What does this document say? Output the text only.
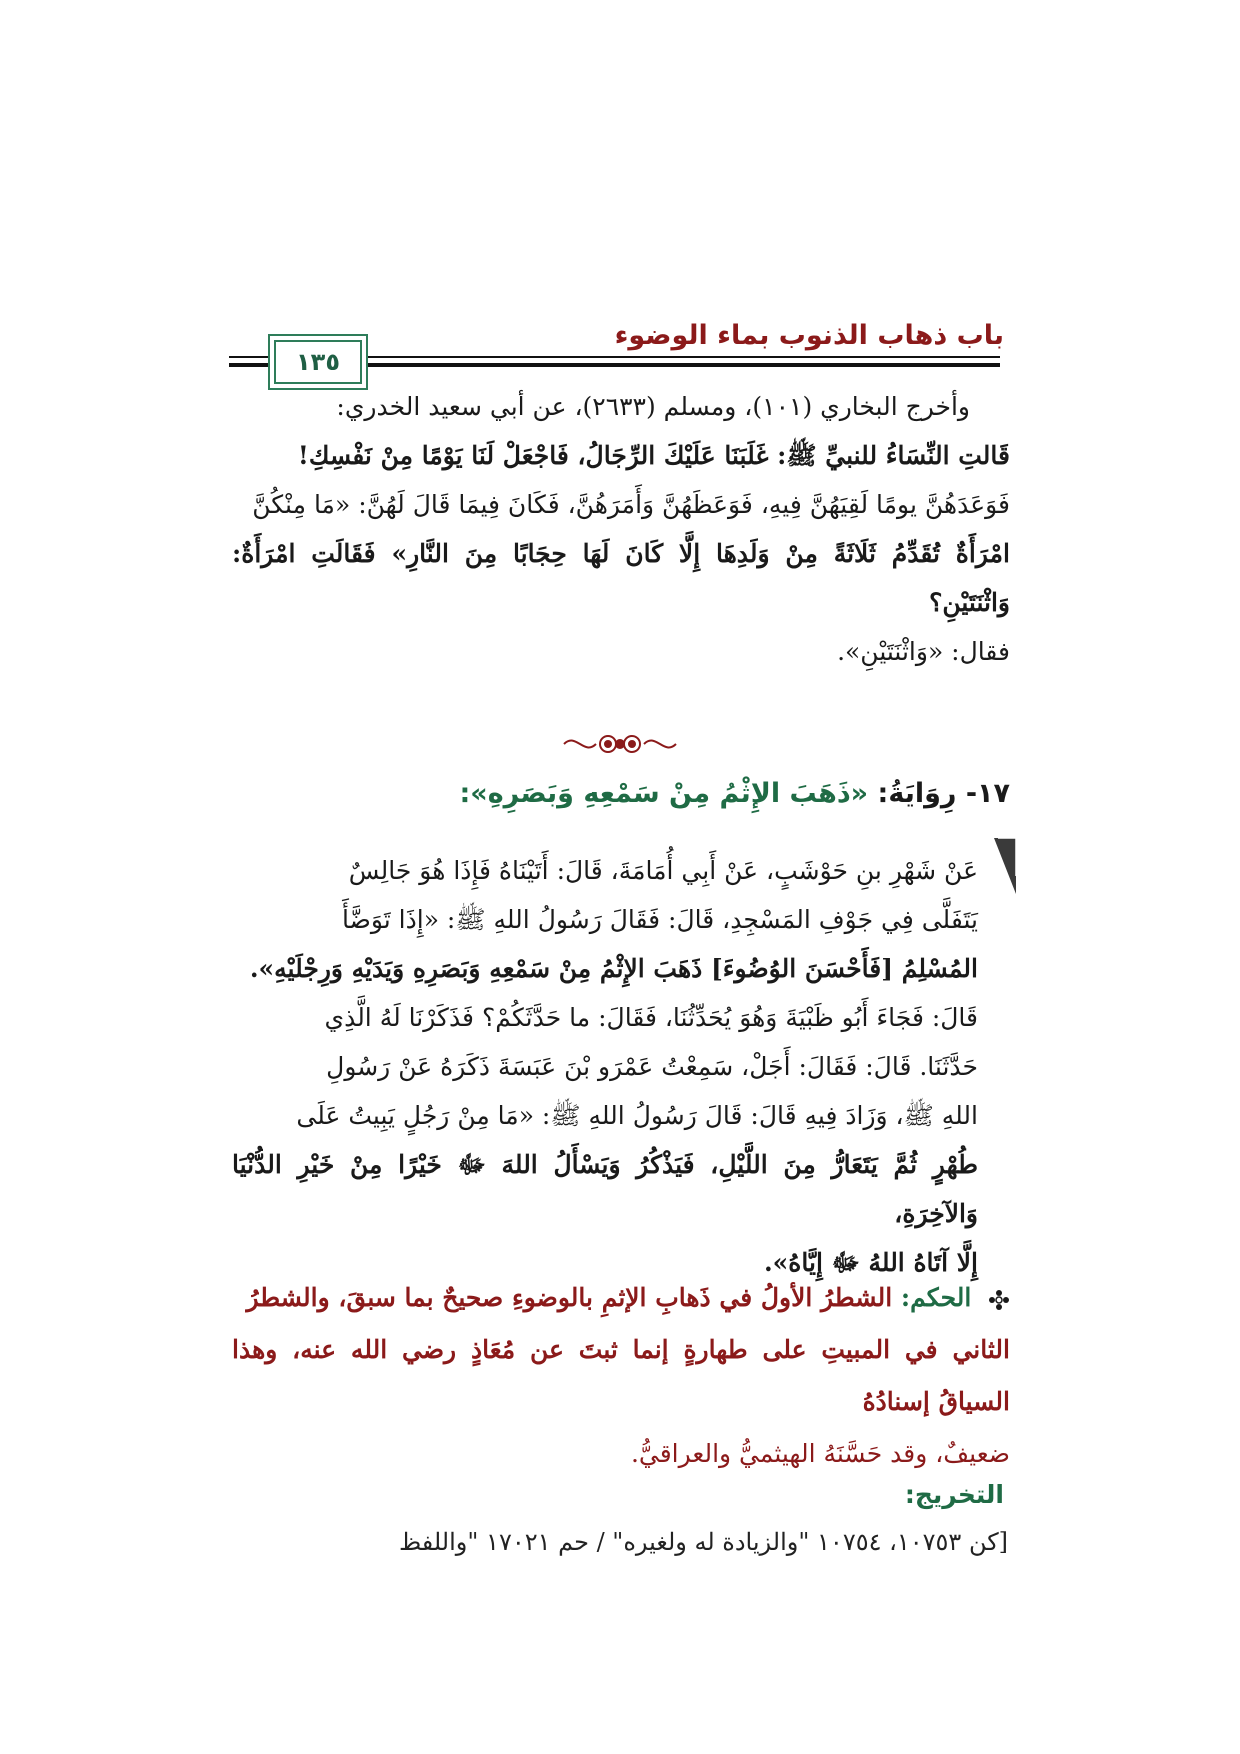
باب ذهاب الذنوب بماء الوضوء
١٣٥

وأخرج البخاري (١٠١)، ومسلم (٢٦٣٣)، عن أبي سعيد الخدري:

قَالتِ النِّسَاءُ للنبيِّ ﷺ: غَلَبَنَا عَلَيْكَ الرِّجَالُ، فَاجْعَلْ لَنَا يَوْمًا مِنْ نَفْسِكِ!

فَوَعَدَهُنَّ يومًا لَقِيَهُنَّ فِيهِ، فَوَعَظَهُنَّ وَأَمَرَهُنَّ، فَكَانَ فِيمَا قَالَ لَهُنَّ: «مَا مِنْكُنَّ

امْرَأَةٌ تُقَدِّمُ ثَلَاثَةً مِنْ وَلَدِهَا إِلَّا كَانَ لَهَا حِجَابًا مِنَ النَّارِ» فَقَالَتِ امْرَأَةٌ: وَاثْنَتَيْنِ؟

فقال: «وَاثْنَتَيْنِ».

١٧- رِوَايَةُ: «ذَهَبَ الإِثْمُ مِنْ سَمْعِهِ وَبَصَرِهِ»:

عَنْ شَهْرِ بنِ حَوْشَبٍ، عَنْ أَبِي أُمَامَةَ، قَالَ: أَتَيْنَاهُ فَإِذَا هُوَ جَالِسٌ

يَتَفَلَّى فِي جَوْفِ المَسْجِدِ، قَالَ: فَقَالَ رَسُولُ اللهِ ﷺ: «إِذَا تَوَضَّأَ

المُسْلِمُ [فَأَحْسَنَ الوُضُوءَ] ذَهَبَ الإِثْمُ مِنْ سَمْعِهِ وَبَصَرِهِ وَيَدَيْهِ وَرِجْلَيْهِ».

قَالَ: فَجَاءَ أَبُو ظَبْيَةَ وَهُوَ يُحَدِّثُنَا، فَقَالَ: ما حَدَّثَكُمْ؟ فَذَكَرْنَا لَهُ الَّذِي

حَدَّثَنَا. قَالَ: فَقَالَ: أَجَلْ، سَمِعْتُ عَمْرَو بْنَ عَبَسَةَ ذَكَرَهُ عَنْ رَسُولِ

اللهِ ﷺ، وَزَادَ فِيهِ قَالَ: قَالَ رَسُولُ اللهِ ﷺ: «مَا مِنْ رَجُلٍ يَبِيتُ عَلَى

طُهْرٍ ثُمَّ يَتَعَارُّ مِنَ اللَّيْلِ، فَيَذْكُرُ وَيَسْأَلُ اللهَ ﷻ خَيْرًا مِنْ خَيْرِ الدُّنْيَا وَالآخِرَةِ،

إِلَّا آتَاهُ اللهُ ﷻ إِيَّاهُ».

الحكم: الشطرُ الأولُ في ذَهابِ الإثمِ بالوضوءِ صحيحٌ بما سبقَ، والشطرُ

الثاني في المبيتِ على طهارةٍ إنما ثبتَ عن مُعَاذٍ رضي الله عنه، وهذا السياقُ إسنادُهُ

ضعيفٌ، وقد حَسَّنَهُ الهيثميُّ والعراقيُّ.

التخريج:
[كن ١٠٧٥٣، ١٠٧٥٤ "والزيادة له ولغيره" / حم ١٧٠٢١ "واللفظ
